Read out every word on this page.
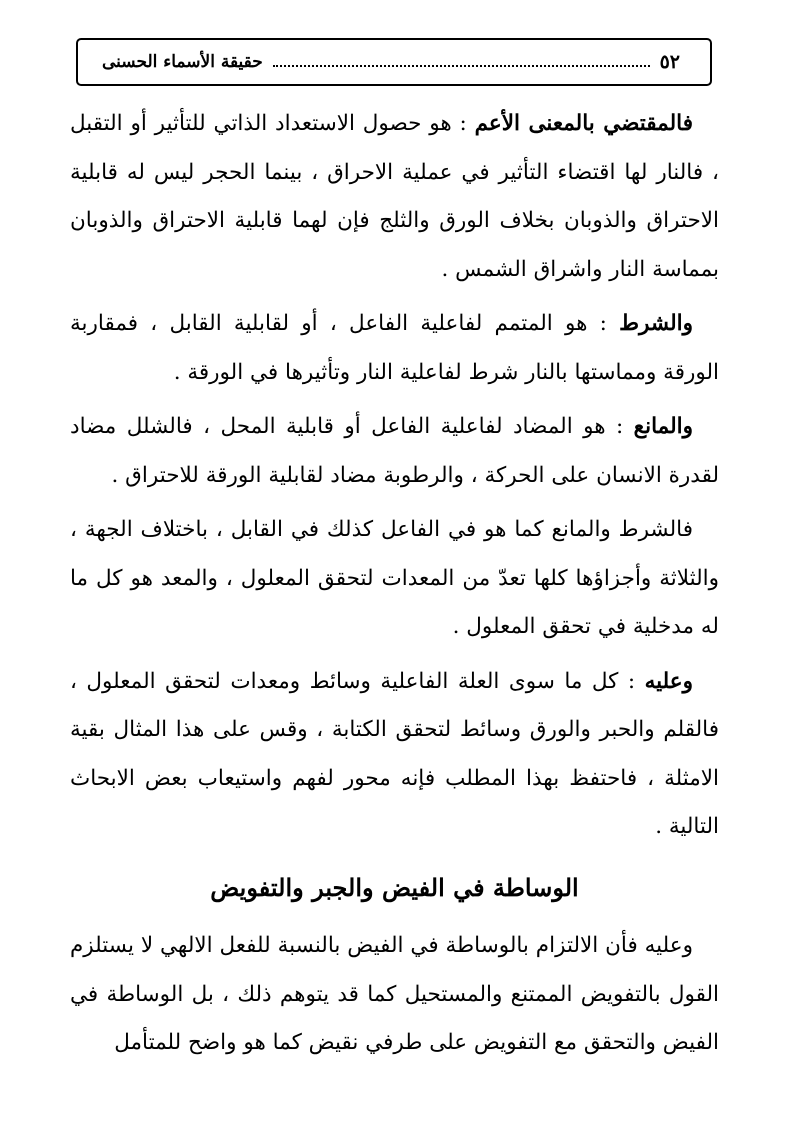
٥٢
حقيقة الأسماء الحسنى

فالمقتضي بالمعنى الأعم : هو حصول الاستعداد الذاتي للتأثير أو التقبل ، فالنار لها اقتضاء التأثير في عملية الاحراق ، بينما الحجر ليس له قابلية الاحتراق والذوبان بخلاف الورق والثلج فإن لهما قابلية الاحتراق والذوبان بمماسة النار واشراق الشمس .

والشرط : هو المتمم لفاعلية الفاعل ، أو لقابلية القابل ، فمقاربة الورقة ومماستها بالنار شرط لفاعلية النار وتأثيرها في الورقة .

والمانع : هو المضاد لفاعلية الفاعل أو قابلية المحل ، فالشلل مضاد لقدرة الانسان على الحركة ، والرطوبة مضاد لقابلية الورقة للاحتراق .

فالشرط والمانع كما هو في الفاعل كذلك في القابل ، باختلاف الجهة ، والثلاثة وأجزاؤها كلها تعدّ من المعدات لتحقق المعلول ، والمعد هو كل ما له مدخلية في تحقق المعلول .

وعليه : كل ما سوى العلة الفاعلية وسائط ومعدات لتحقق المعلول ، فالقلم والحبر والورق وسائط لتحقق الكتابة ، وقس على هذا المثال بقية الامثلة ، فاحتفظ بهذا المطلب فإنه محور لفهم واستيعاب بعض الابحاث التالية .

الوساطة في الفيض والجبر والتفويض

وعليه فأن الالتزام بالوساطة في الفيض بالنسبة للفعل الالهي لا يستلزم القول بالتفويض الممتنع والمستحيل كما قد يتوهم ذلك ، بل الوساطة في الفيض والتحقق مع التفويض على طرفي نقيض كما هو واضح للمتأمل
